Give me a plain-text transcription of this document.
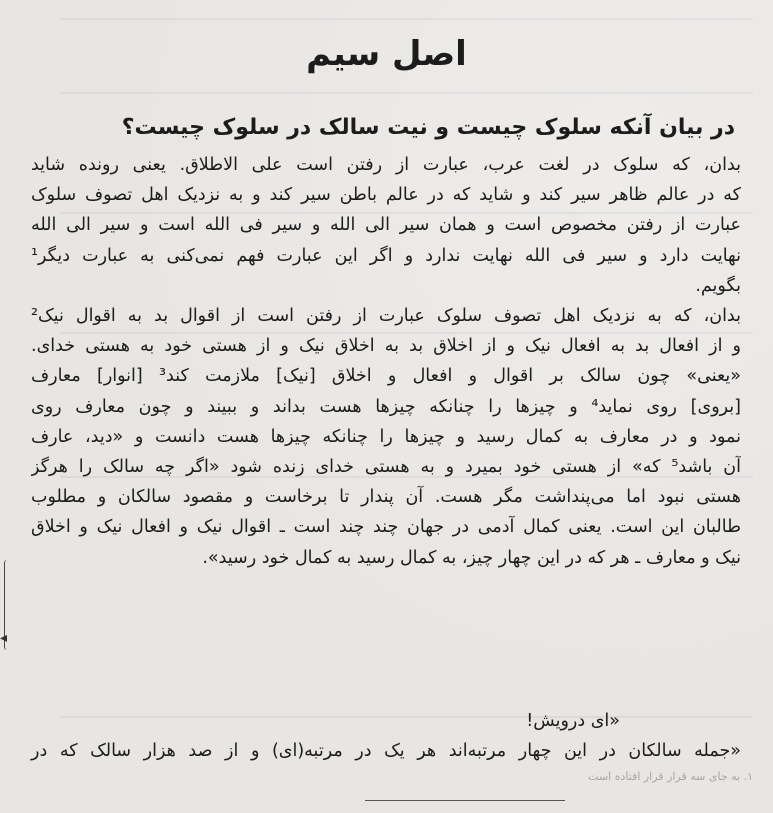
اصل سیم
در بیان آنکه سلوک چیست و نیت سالک در سلوک چیست؟
بدان، که سلوک در لغت عرب، عبارت از رفتن است علی الاطلاق. یعنی رونده شاید
که در عالم ظاهر سیر کند و شاید که در عالم باطن سیر کند و به نزدیک اهل تصوف سلوک
عبارت از رفتن مخصوص است و همان سیر الی الله و سیر فی الله است و سیر الی الله
نهایت دارد و سیر فی الله نهایت ندارد و اگر این عبارت فهم نمی‌کنی به عبارت دیگر¹
بگویم.
بدان، که به نزدیک اهل تصوف سلوک عبارت از رفتن است از اقوال بد به اقوال نیک²
و از افعال بد به افعال نیک و از اخلاق بد به اخلاق نیک و از هستی خود به هستی خدای.
«یعنی» چون سالک بر اقوال و افعال و اخلاق [نیک] ملازمت کند³ [انوار] معارف
[بروی] روی نماید⁴ و چیزها را چنانکه چیزها هست بداند و ببیند و چون معارف روی
نمود و در معارف به کمال رسید و چیزها را چنانکه چیزها هست دانست و «دید، عارف
آن باشد⁵ که» از هستی خود بمیرد و به هستی خدای زنده شود «اگر چه سالک را هرگز
هستی نبود اما می‌پنداشت مگر هست. آن پندار تا برخاست و مقصود سالکان و مطلوب
طالبان این است. یعنی کمال آدمی در جهان چند چند است ـ اقوال نیک و افعال نیک و اخلاق
نیک و معارف ـ هر که در این چهار چیز، به کمال رسید به کمال خود رسید».
«ای درویش!
«جمله سالکان در این چهار مرتبه‌اند هر یک در مرتبه(ای) و از صد هزار سالک که در
۱. به جای سه قرار قرار افتاده است
◂
